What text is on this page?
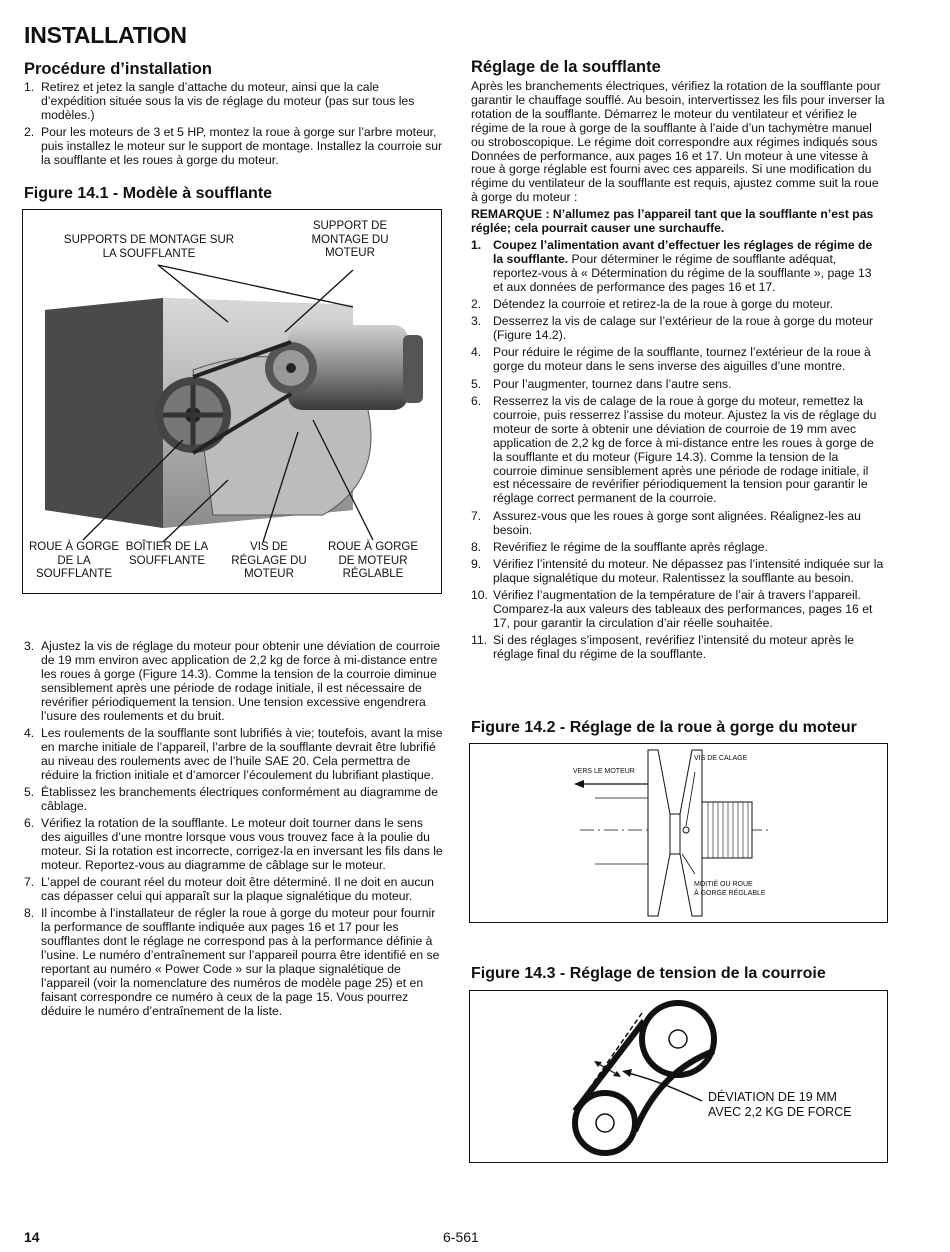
INSTALLATION
Procédure d’installation
1. Retirez et jetez la sangle d’attache du moteur, ainsi que la cale d’expédition située sous la vis de réglage du moteur (pas sur tous les modèles.)
2. Pour les moteurs de 3 et 5 HP, montez la roue à gorge sur l’arbre moteur, puis installez le moteur sur le support de montage. Installez la courroie sur la soufflante et les roues à gorge du moteur.
Figure 14.1 - Modèle à soufflante
SUPPORTS DE MONTAGE SUR LA SOUFFLANTE
SUPPORT DE MONTAGE DU MOTEUR
ROUE À GORGE DE LA SOUFFLANTE
BOÎTIER DE LA SOUFFLANTE
VIS DE RÉGLAGE DU MOTEUR
ROUE À GORGE DE MOTEUR RÉGLABLE
3. Ajustez la vis de réglage du moteur pour obtenir une déviation de courroie de 19 mm environ avec application de 2,2 kg de force à mi-distance entre les roues à gorge (Figure 14.3). Comme la tension de la courroie diminue sensiblement après une période de rodage initiale, il est nécessaire de revérifier périodiquement la tension. Une tension excessive engendrera l’usure des roulements et du bruit.
4. Les roulements de la soufflante sont lubrifiés à vie; toutefois, avant la mise en marche initiale de l’appareil, l’arbre de la soufflante devrait être lubrifié au niveau des roulements avec de l’huile SAE 20. Cela permettra de réduire la friction initiale et d’amorcer l’écoulement du lubrifiant plastique.
5. Établissez les branchements électriques conformément au diagramme de câblage.
6. Vérifiez la rotation de la soufflante. Le moteur doit tourner dans le sens des aiguilles d’une montre lorsque vous vous trouvez face à la poulie du moteur. Si la rotation est incorrecte, corrigez-la en inversant les fils dans le moteur. Reportez-vous au diagramme de câblage sur le moteur.
7. L’appel de courant réel du moteur doit être déterminé. Il ne doit en aucun cas dépasser celui qui apparaît sur la plaque signalétique du moteur.
8. Il incombe à l’installateur de régler la roue à gorge du moteur pour fournir la performance de soufflante indiquée aux pages 16 et 17 pour les soufflantes dont le réglage ne correspond pas à la performance définie à l’usine. Le numéro d’entraînement sur l’appareil pourra être identifié en se reportant au numéro « Power Code » sur la plaque signalétique de l’appareil (voir la nomenclature des numéros de modèle page 25) et en faisant correspondre ce numéro à ceux de la page 15. Vous pourrez déduire le numéro d’entraînement de la liste.
Réglage de la soufflante

Après les branchements électriques, vérifiez la rotation de la soufflante pour garantir le chauffage soufflé. Au besoin, intervertissez les fils pour inverser la rotation de la soufflante. Démarrez le moteur du ventilateur et vérifiez le régime de la roue à gorge de la soufflante à l’aide d’un tachymètre manuel ou stroboscopique. Le régime doit correspondre aux régimes indiqués sous Données de performance, aux pages 16 et 17. Un moteur à une vitesse à roue à gorge réglable est fourni avec ces appareils. Si une modification du régime du ventilateur de la soufflante est requis, ajustez comme suit la roue à gorge du moteur :

REMARQUE : N’allumez pas l’appareil tant que la soufflante n’est pas réglée; cela pourrait causer une surchauffe.

1. Coupez l’alimentation avant d’effectuer les réglages de régime de la soufflante. Pour déterminer le régime de soufflante adéquat, reportez-vous à « Détermination du régime de la soufflante », page 13 et aux données de performance des pages 16 et 17.
2. Détendez la courroie et retirez-la de la roue à gorge du moteur.
3. Desserrez la vis de calage sur l’extérieur de la roue à gorge du moteur (Figure 14.2).
4. Pour réduire le régime de la soufflante, tournez l’extérieur de la roue à gorge du moteur dans le sens inverse des aiguilles d’une montre.
5. Pour l’augmenter, tournez dans l’autre sens.
6. Resserrez la vis de calage de la roue à gorge du moteur, remettez la courroie, puis resserrez l’assise du moteur. Ajustez la vis de réglage du moteur de sorte à obtenir une déviation de courroie de 19 mm avec application de 2,2 kg de force à mi-distance entre les roues à gorge de la soufflante et du moteur (Figure 14.3). Comme la tension de la courroie diminue sensiblement après une période de rodage initiale, il est nécessaire de revérifier périodiquement la tension pour garantir le réglage correct permanent de la courroie.
7. Assurez-vous que les roues à gorge sont alignées. Réalignez-les au besoin.
8. Revérifiez le régime de la soufflante après réglage.
9. Vérifiez l’intensité du moteur. Ne dépassez pas l’intensité indiquée sur la plaque signalétique du moteur. Ralentissez la soufflante au besoin.
10. Vérifiez l’augmentation de la température de l’air à travers l’appareil. Comparez-la aux valeurs des tableaux des performances, pages 16 et 17, pour garantir la circulation d’air réelle souhaitée.
11. Si des réglages s’imposent, revérifiez l’intensité du moteur après le réglage final du régime de la soufflante.
Figure 14.2 - Réglage de la roue à gorge du moteur
VERS LE MOTEUR
VIS DE CALAGE
MOITIÉ OU ROUE
À GORGE RÉGLABLE
Figure 14.3 - Réglage de tension de la courroie
DÉVIATION DE 19 MM
AVEC 2,2 KG DE FORCE
14	6-561
